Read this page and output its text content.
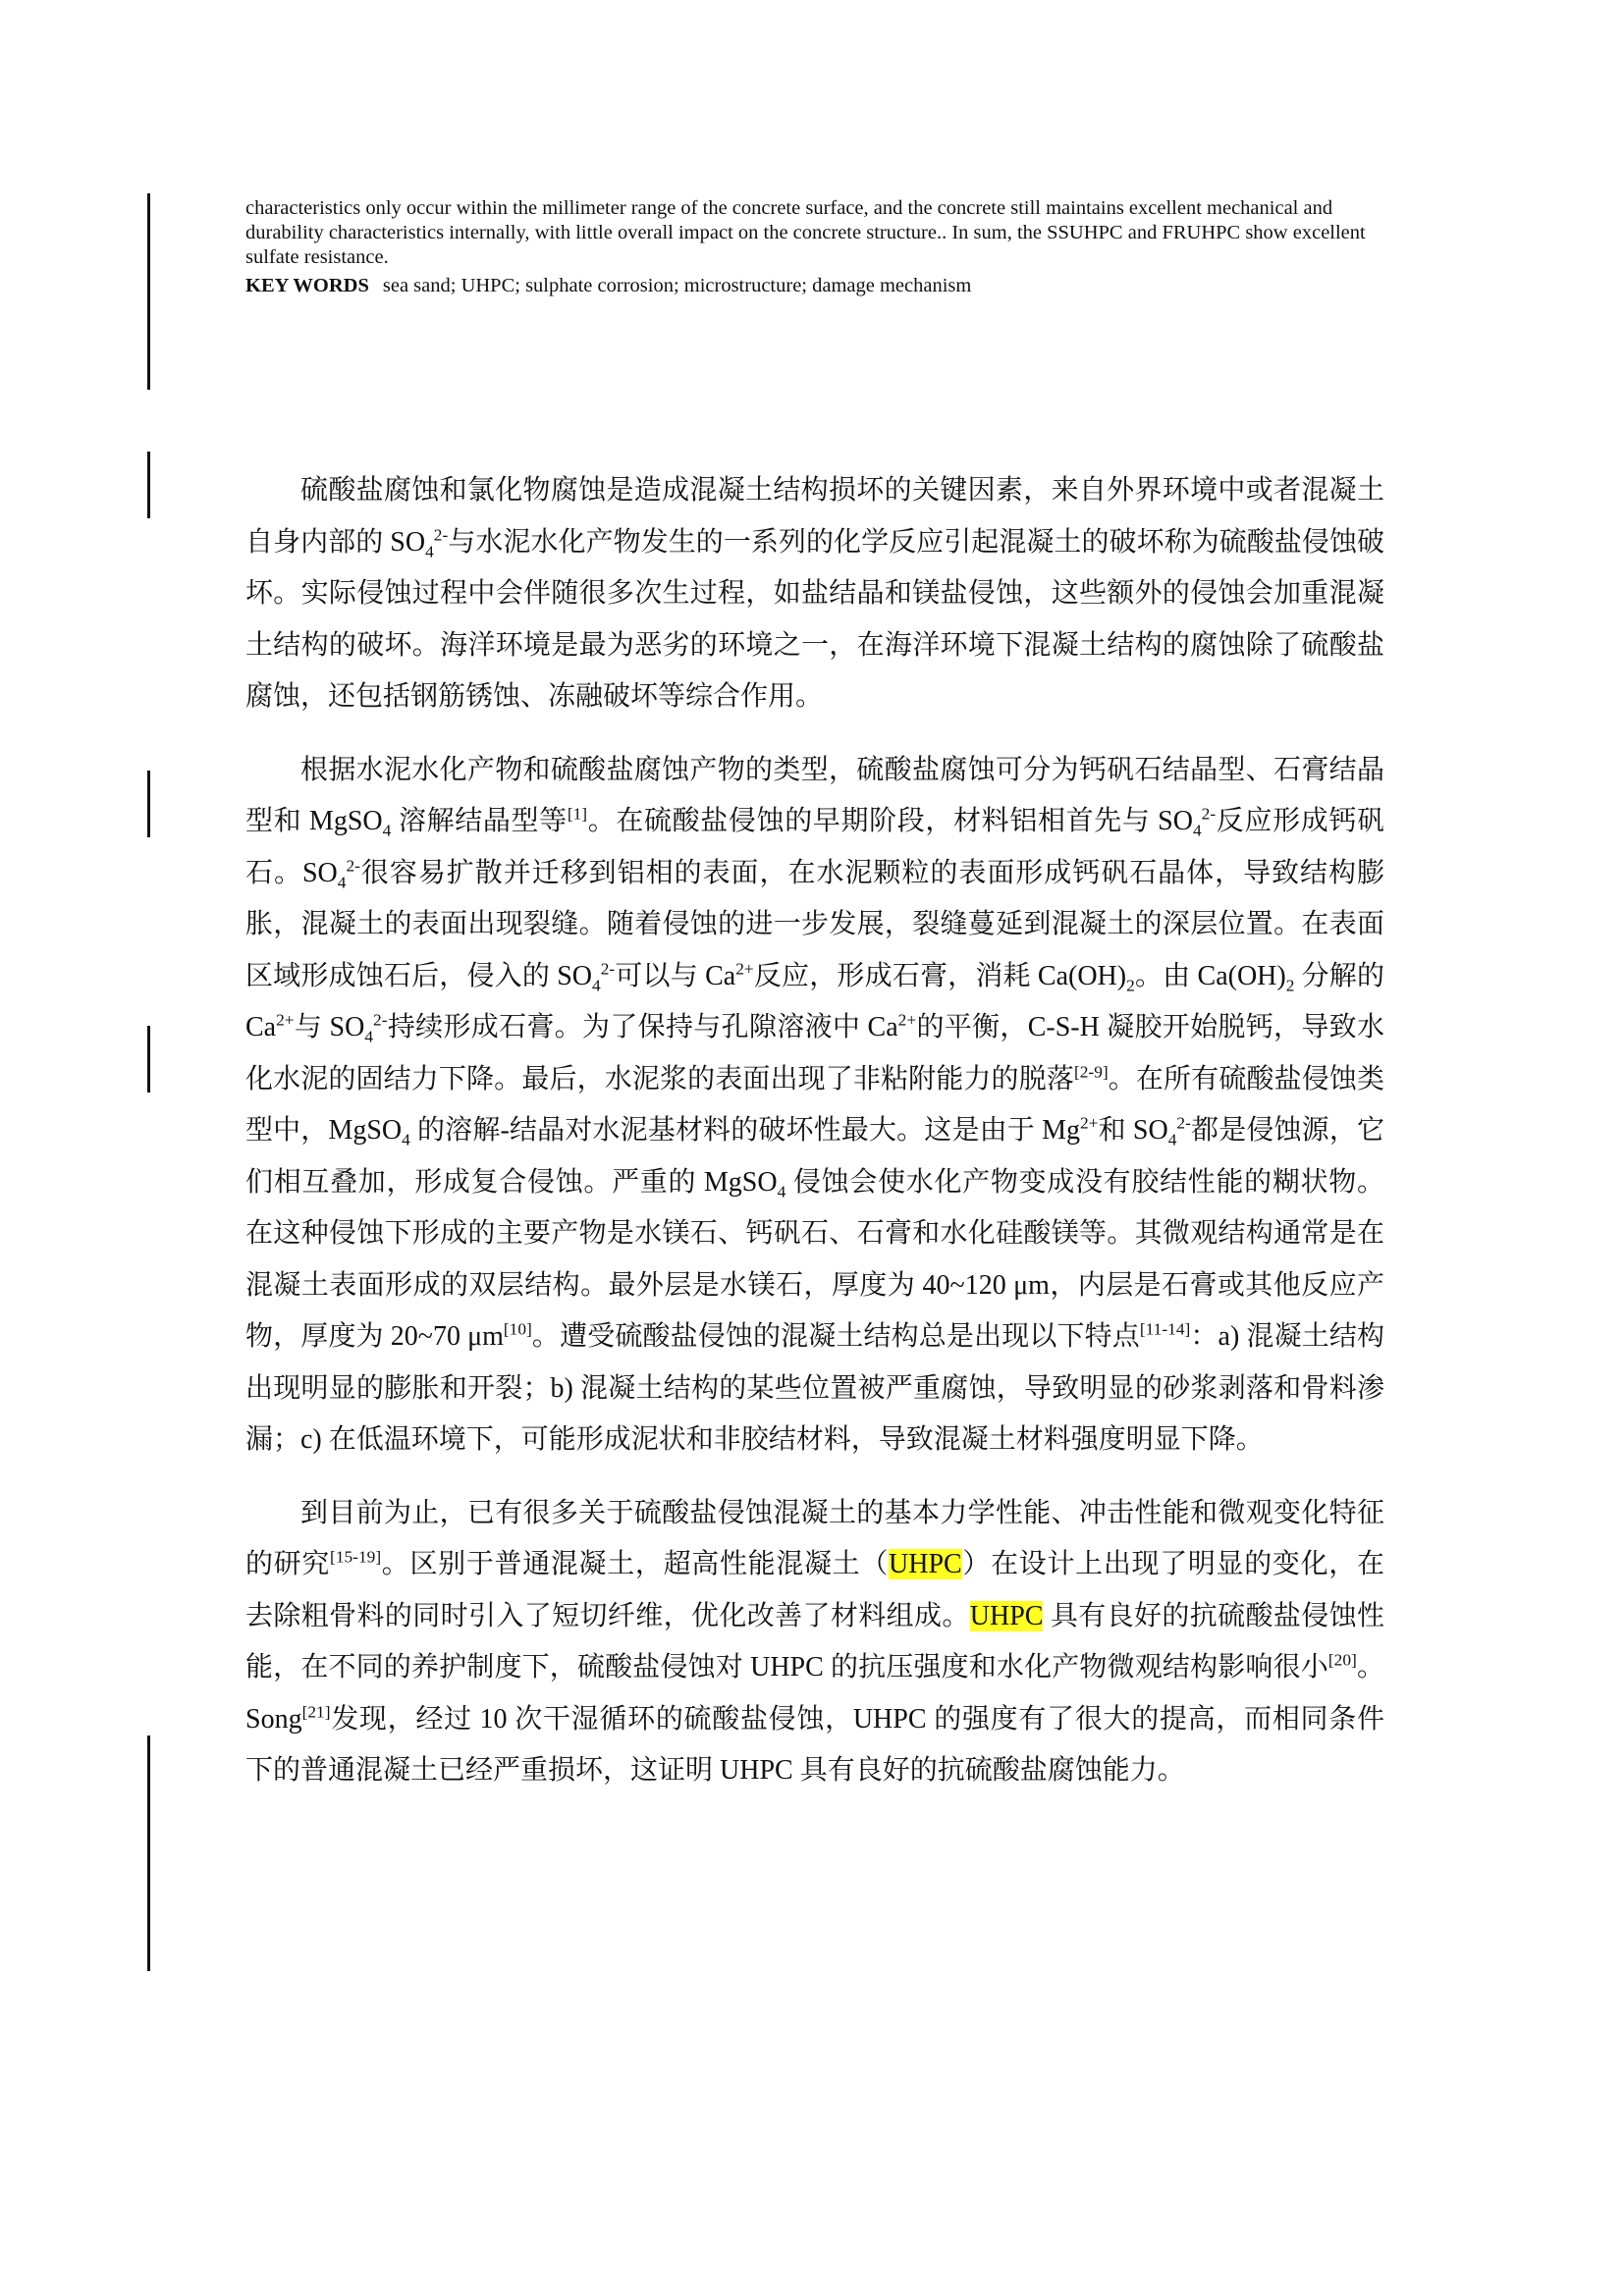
characteristics only occur within the millimeter range of the concrete surface, and the concrete still maintains excellent mechanical and durability characteristics internally, with little overall impact on the concrete structure.. In sum, the SSUHPC and FRUHPC show excellent sulfate resistance.

KEY WORDS sea sand; UHPC; sulphate corrosion; microstructure; damage mechanism

硫酸盐腐蚀和氯化物腐蚀是造成混凝土结构损坏的关键因素，来自外界环境中或者混凝土自身内部的 $SO_4^{2-}$与水泥水化产物发生的一系列的化学反应引起混凝土的破坏称为硫酸盐侵蚀破坏。实际侵蚀过程中会伴随很多次生过程，如盐结晶和镁盐侵蚀，这些额外的侵蚀会加重混凝土结构的破坏。海洋环境是最为恶劣的环境之一，在海洋环境下混凝土结构的腐蚀除了硫酸盐腐蚀，还包括钢筋锈蚀、冻融破坏等综合作用。

根据水泥水化产物和硫酸盐腐蚀产物的类型，硫酸盐腐蚀可分为钙矾石结晶型、石膏结晶型和 MgSO$_4$ 溶解结晶型等[1]。在硫酸盐侵蚀的早期阶段，材料铝相首先与 $SO_4^{2-}$反应形成钙矾石。$SO_4^{2-}$很容易扩散并迁移到铝相的表面，在水泥颗粒的表面形成钙矾石晶体，导致结构膨胀，混凝土的表面出现裂缝。随着侵蚀的进一步发展，裂缝蔓延到混凝土的深层位置。在表面区域形成蚀石后，侵入的 $SO_4^{2-}$可以与 $Ca^{2+}$反应，形成石膏，消耗 $Ca(OH)_2$。由 $Ca(OH)_2$ 分解的 $Ca^{2+}$与 $SO_4^{2-}$持续形成石膏。为了保持与孔隙溶液中 $Ca^{2+}$的平衡，C-S-H 凝胶开始脱钙，导致水化水泥的固结力下降。最后，水泥浆的表面出现了非粘附能力的脱落[2-9]。在所有硫酸盐侵蚀类型中，MgSO$_4$ 的溶解-结晶对水泥基材料的破坏性最大。这是由于 $Mg^{2+}$和 $SO_4^{2-}$都是侵蚀源，它们相互叠加，形成复合侵蚀。严重的 MgSO$_4$ 侵蚀会使水化产物变成没有胶结性能的糊状物。在这种侵蚀下形成的主要产物是水镁石、钙矾石、石膏和水化硅酸镁等。其微观结构通常是在混凝土表面形成的双层结构。最外层是水镁石，厚度为 40~120 μm，内层是石膏或其他反应产物，厚度为 20~70 μm[10]。遭受硫酸盐侵蚀的混凝土结构总是出现以下特点[11-14]：a) 混凝土结构出现明显的膨胀和开裂；b) 混凝土结构的某些位置被严重腐蚀，导致明显的砂浆剥落和骨料渗漏；c) 在低温环境下，可能形成泥状和非胶结材料，导致混凝土材料强度明显下降。

到目前为止，已有很多关于硫酸盐侵蚀混凝土的基本力学性能、冲击性能和微观变化特征的研究[15-19]。区别于普通混凝土，超高性能混凝土（UHPC）在设计上出现了明显的变化，在去除粗骨料的同时引入了短切纤维，优化改善了材料组成。UHPC 具有良好的抗硫酸盐侵蚀性能，在不同的养护制度下，硫酸盐侵蚀对 UHPC 的抗压强度和水化产物微观结构影响很小[20]。Song[21]发现，经过 10 次干湿循环的硫酸盐侵蚀，UHPC 的强度有了很大的提高，而相同条件下的普通混凝土已经严重损坏，这证明 UHPC 具有良好的抗硫酸盐腐蚀能力。
